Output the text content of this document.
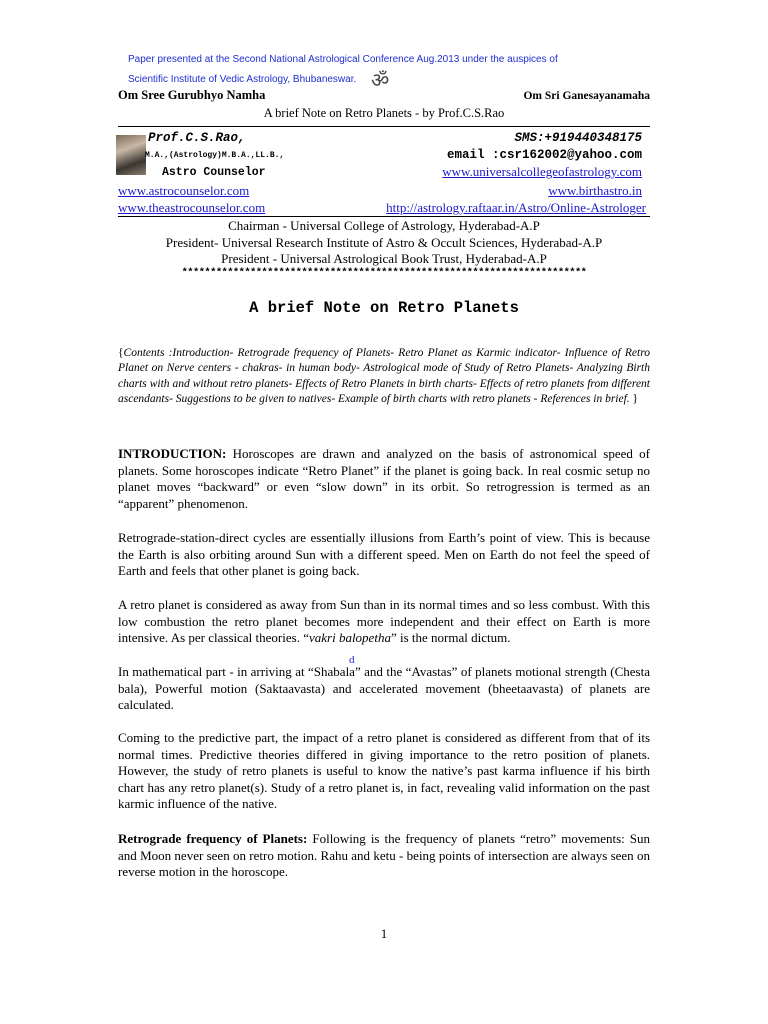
Paper presented at the Second National Astrological Conference Aug.2013 under the auspices of
Scientific Institute of Vedic Astrology, Bhubaneswar. ॐ
Om Sree Gurubhyo Namha	Om Sri Ganesayanamaha
A brief Note on Retro Planets - by Prof.C.S.Rao
Prof.C.S.Rao,
M.A.,(Astrology)M.B.A.,LL.B.,
Astro Counselor
SMS:+919440348175
email :csr162002@yahoo.com
www.universalcollegeofastrology.com
www.astrocounselor.com	www.birthastro.in
www.theastrocounselor.com	http://astrology.raftaar.in/Astro/Online-Astrologer
Chairman - Universal College of Astrology, Hyderabad-A.P
President- Universal Research Institute of Astro & Occult Sciences, Hyderabad-A.P
President - Universal Astrological Book Trust, Hyderabad-A.P
***********************************************************************
A brief Note on Retro Planets
{Contents :Introduction- Retrograde frequency of Planets- Retro Planet as Karmic indicator- Influence of Retro Planet on Nerve centers - chakras- in human body- Astrological mode of Study of Retro Planets- Analyzing Birth charts with and without retro planets- Effects of Retro Planets in birth charts- Effects of retro planets from different ascendants- Suggestions to be given to natives- Example of birth charts with retro planets - References in brief. }
INTRODUCTION: Horoscopes are drawn and analyzed on the basis of astronomical speed of planets. Some horoscopes indicate “Retro Planet” if the planet is going back. In real cosmic setup no planet moves “backward” or even “slow down” in its orbit. So retrogression is termed as an “apparent” phenomenon.
Retrograde-station-direct cycles are essentially illusions from Earth’s point of view. This is because the Earth is also orbiting around Sun with a different speed. Men on Earth do not feel the speed of Earth and feels that other planet is going back.
A retro planet is considered as away from Sun than in its normal times and so less combust. With this low combustion the retro planet becomes more independent and their effect on Earth is more intensive. As per classical theories. “vakri balopetha” is the normal dictum.
d
In mathematical part - in arriving at “Shabala” and the “Avastas” of planets motional strength (Chesta bala), Powerful motion (Saktaavasta) and accelerated movement (bheetaavasta) of planets are calculated.
Coming to the predictive part, the impact of a retro planet is considered as different from that of its normal times. Predictive theories differed in giving importance to the retro position of planets. However, the study of retro planets is useful to know the native’s past karma influence if his birth chart has any retro planet(s). Study of a retro planet is, in fact, revealing valid information on the past karmic influence of the native.
Retrograde frequency of Planets: Following is the frequency of planets “retro” movements: Sun and Moon never seen on retro motion. Rahu and ketu - being points of intersection are always seen on reverse motion in the horoscope.
1
